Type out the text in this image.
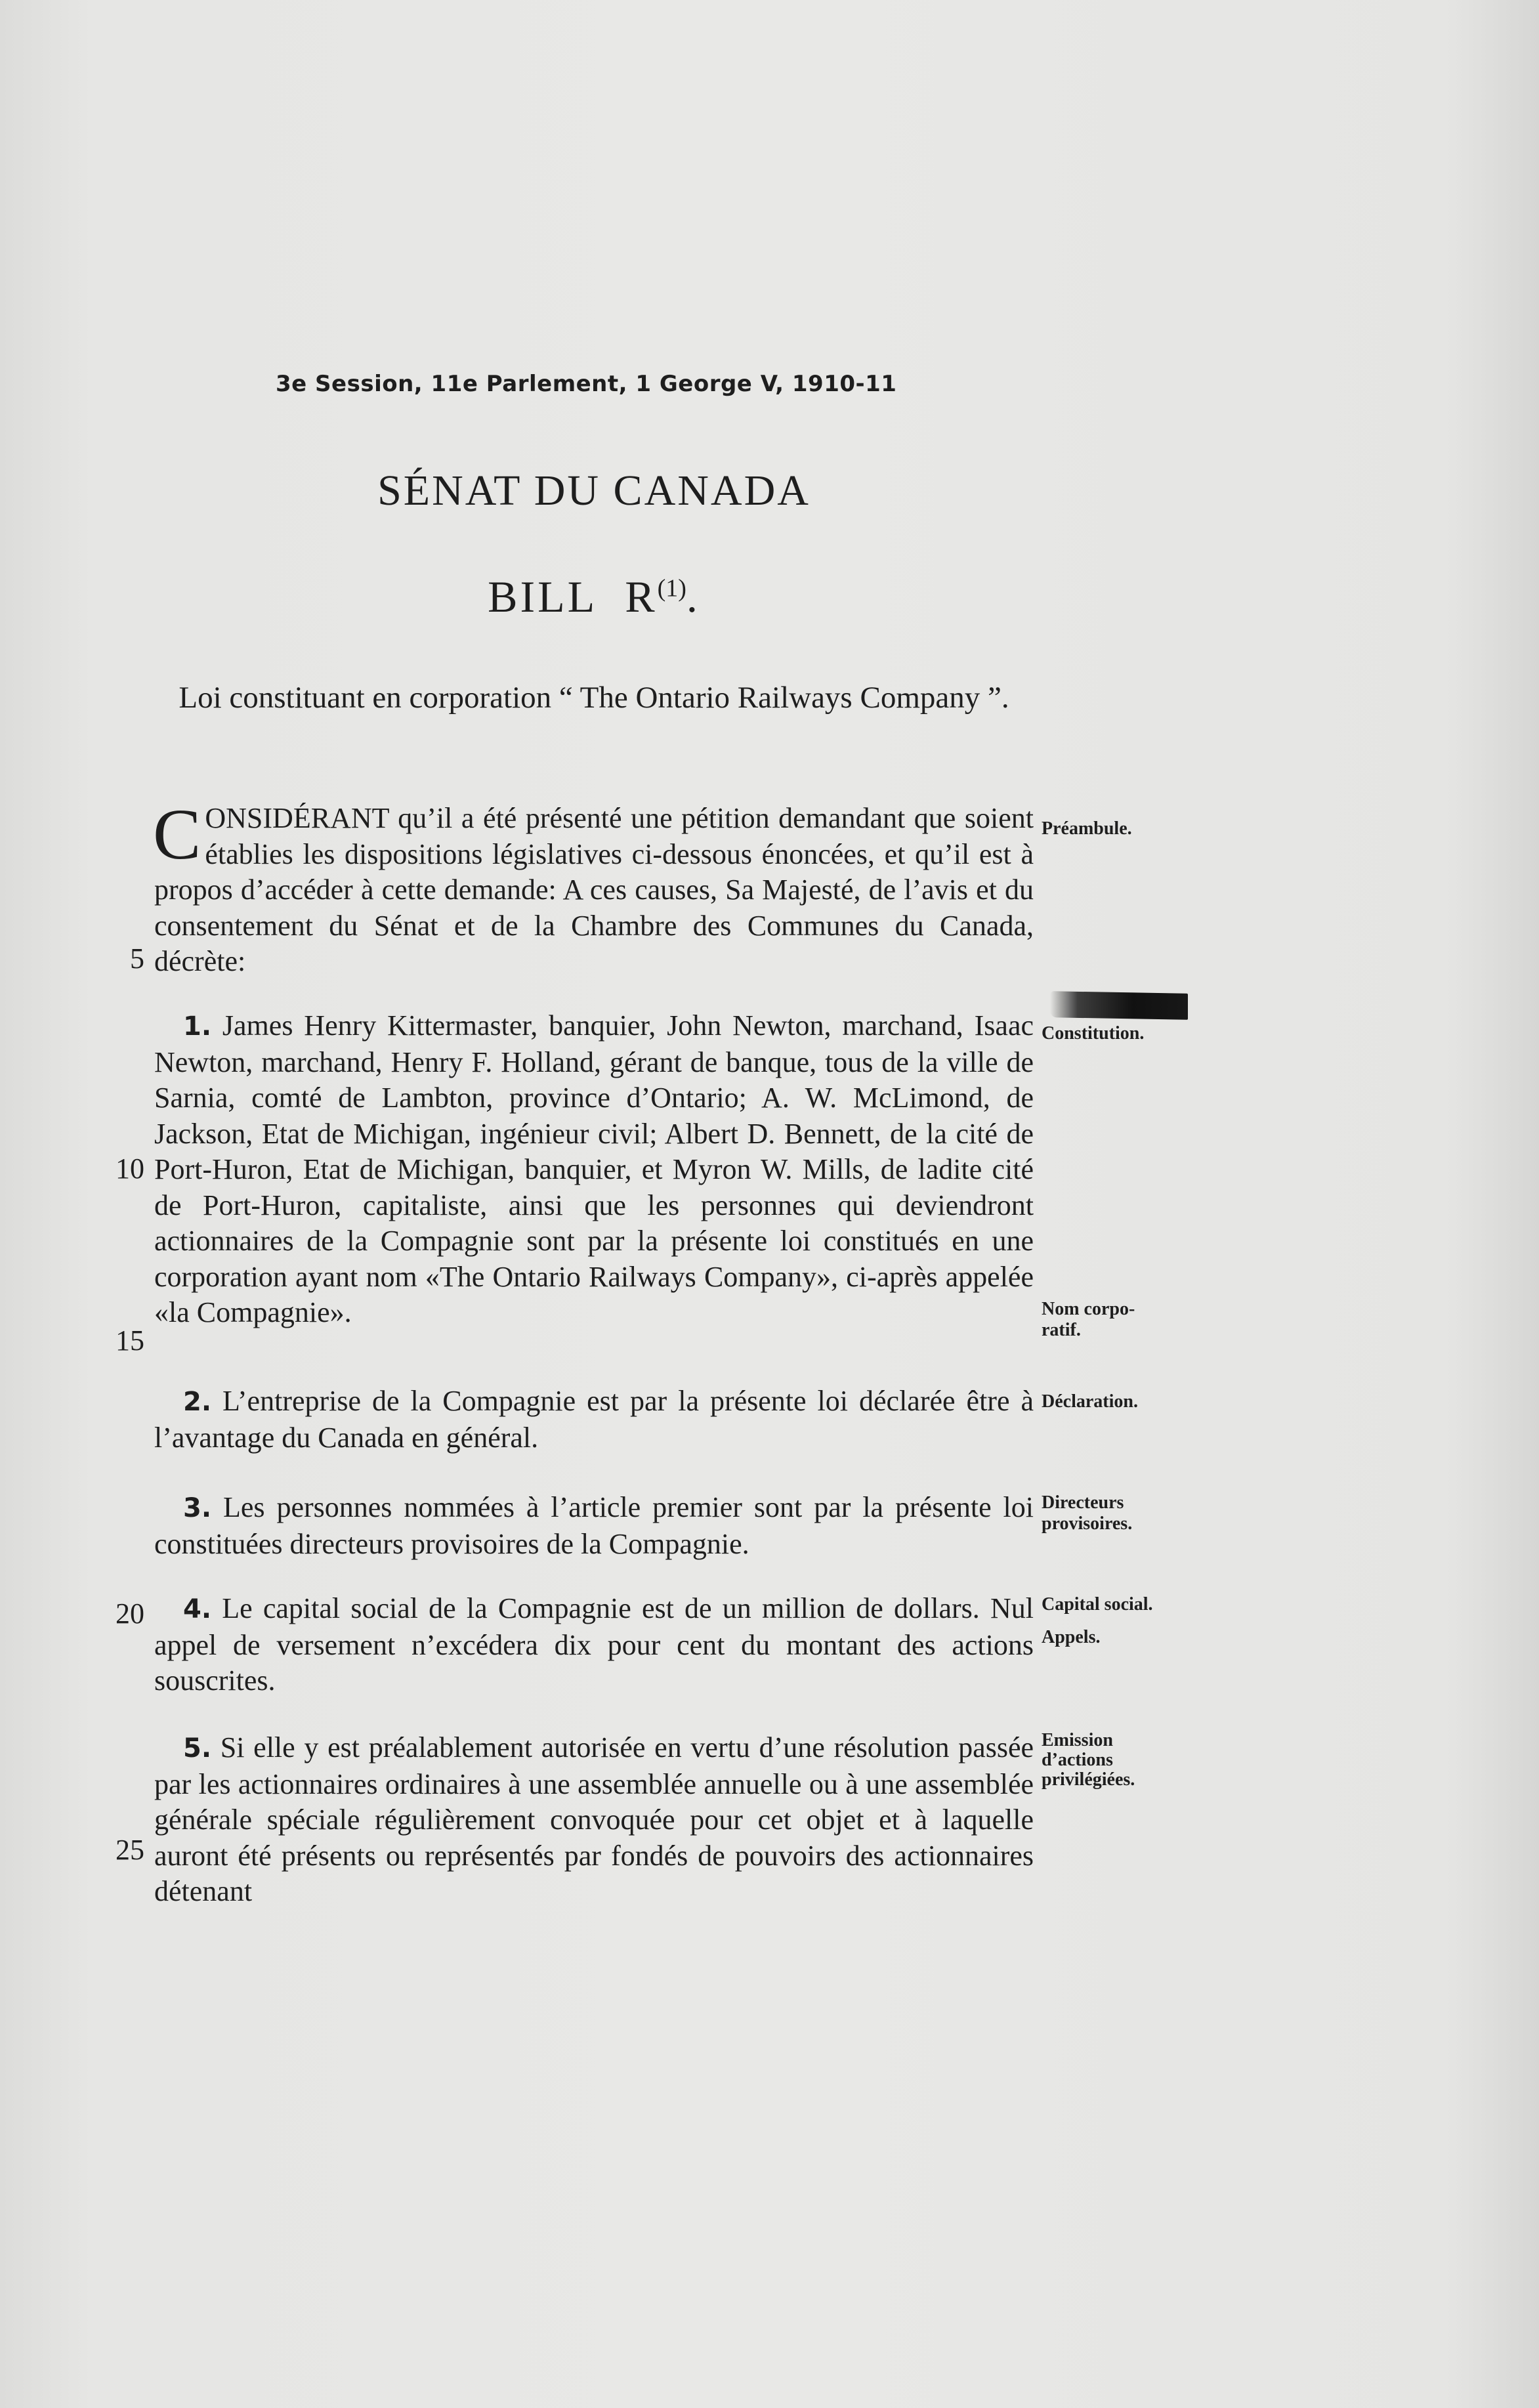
3e Session, 11e Parlement, 1 George V, 1910-11
SÉNAT DU CANADA
BILL $R^{(1)}$.
Loi constituant en corporation “ The Ontario Railways Company ”.
CONSIDÉRANT qu’il a été présenté une pétition demandant que soient établies les dispositions législatives ci-dessous énoncées, et qu’il est à propos d’accéder à cette demande: A ces causes, Sa Majesté, de l’avis et du consentement du Sénat et de la Chambre des Communes du Canada, décrète:
1. James Henry Kittermaster, banquier, John Newton, marchand, Isaac Newton, marchand, Henry F. Holland, gérant de banque, tous de la ville de Sarnia, comté de Lambton, province d’Ontario; A. W. McLimond, de Jackson, Etat de Michigan, ingénieur civil; Albert D. Bennett, de la cité de Port-Huron, Etat de Michigan, banquier, et Myron W. Mills, de ladite cité de Port-Huron, capitaliste, ainsi que les personnes qui deviendront actionnaires de la Compagnie sont par la présente loi constitués en une corporation ayant nom «The Ontario Railways Company», ci-après appelée «la Compagnie».
2. L’entreprise de la Compagnie est par la présente loi déclarée être à l’avantage du Canada en général.
3. Les personnes nommées à l’article premier sont par la présente loi constituées directeurs provisoires de la Compagnie.
4. Le capital social de la Compagnie est de un million de dollars. Nul appel de versement n’excédera dix pour cent du montant des actions souscrites.
5. Si elle y est préalablement autorisée en vertu d’une résolution passée par les actionnaires ordinaires à une assemblée annuelle ou à une assemblée générale spéciale régulièrement convoquée pour cet objet et à laquelle auront été présents ou représentés par fondés de pouvoirs des actionnaires détenant
5
10
15
20
25
Préambule.
Constitution.
Nom corpo-
ratif.
Déclaration.
Directeurs
provisoires.
Capital social.
Appels.
Emission
d’actions
privilégiées.
